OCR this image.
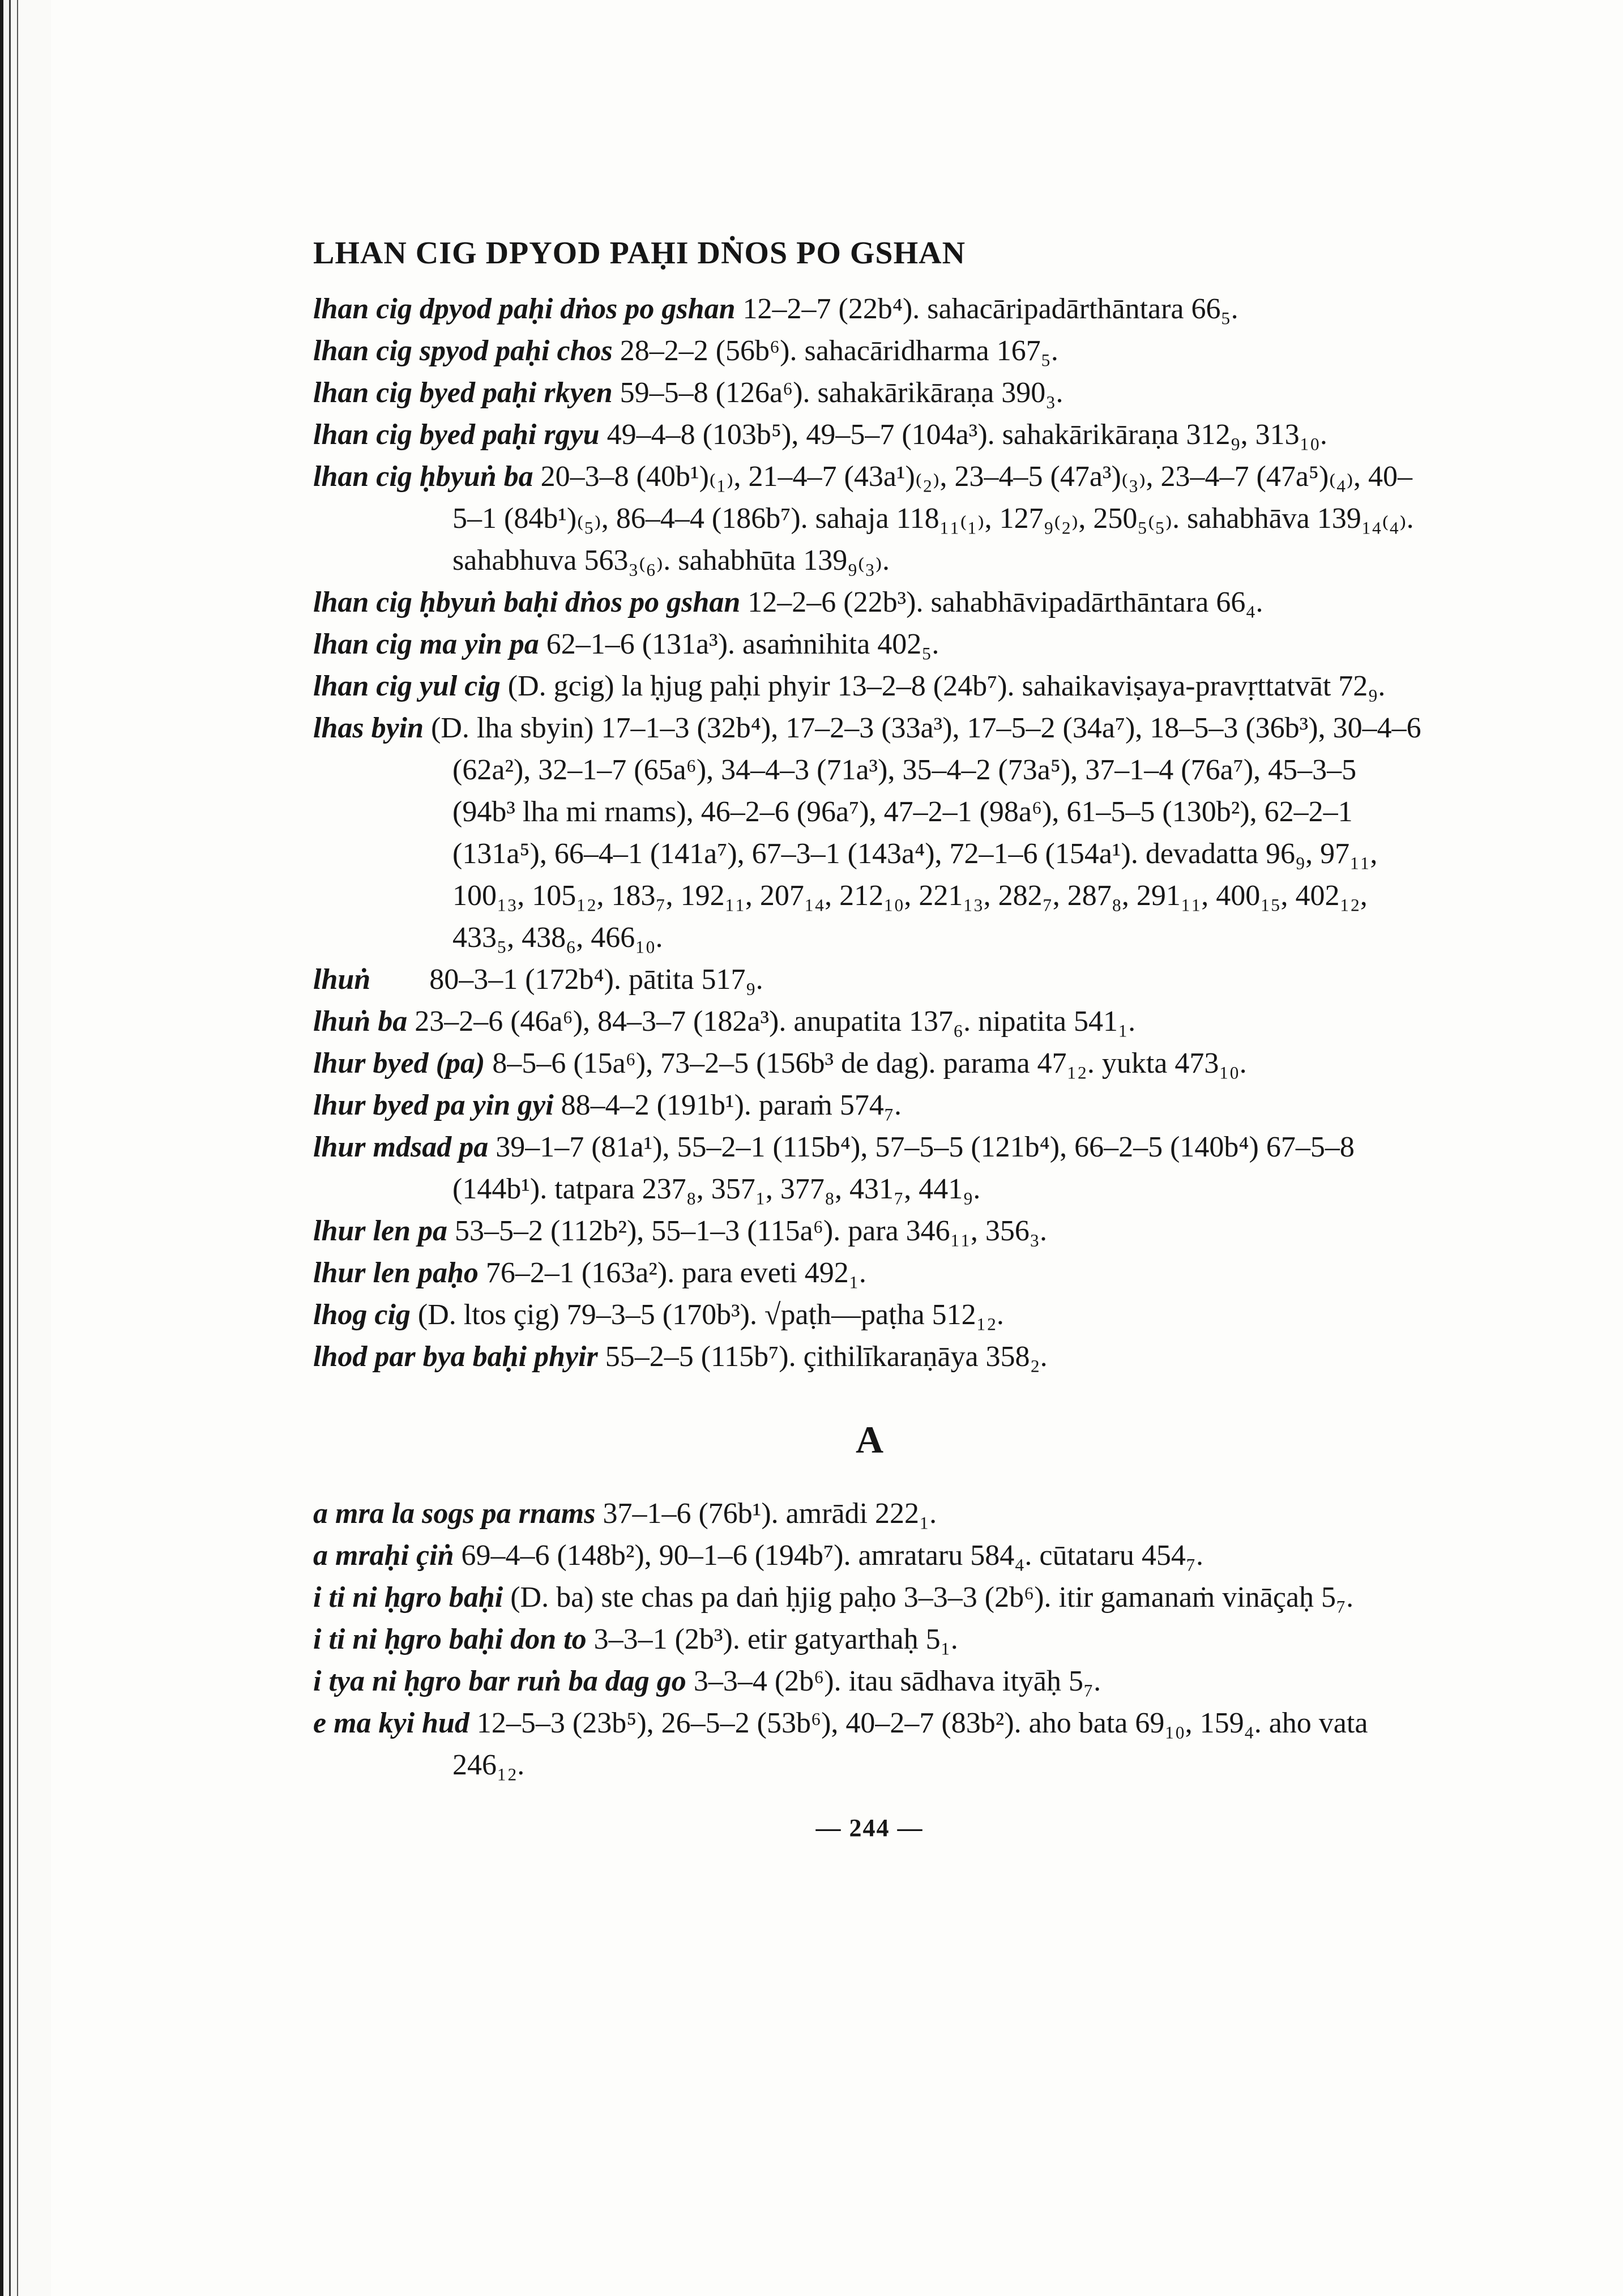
LHAN CIG DPYOD PAḤI DṄOS PO GSHAN

lhan cig dpyod paḥi dṅos po gshan 12–2–7 (22b⁴). sahacāripadārthāntara 66₅.

lhan cig spyod paḥi chos 28–2–2 (56b⁶). sahacāridharma 167₅.

lhan cig byed paḥi rkyen 59–5–8 (126a⁶). sahakārikāraṇa 390₃.

lhan cig byed paḥi rgyu 49–4–8 (103b⁵), 49–5–7 (104a³). sahakārikāraṇa 312₉, 313₁₀.

lhan cig ḥbyuṅ ba 20–3–8 (40b¹)₍₁₎, 21–4–7 (43a¹)₍₂₎, 23–4–5 (47a³)₍₃₎, 23–4–7 (47a⁵)₍₄₎, 40–5–1 (84b¹)₍₅₎, 86–4–4 (186b⁷). sahaja 118₁₁₍₁₎, 127₉₍₂₎, 250₅₍₅₎. sahabhāva 139₁₄₍₄₎. sahabhuva 563₃₍₆₎. sahabhūta 139₉₍₃₎.

lhan cig ḥbyuṅ baḥi dṅos po gshan 12–2–6 (22b³). sahabhāvipadārthāntara 66₄.

lhan cig ma yin pa 62–1–6 (131a³). asaṁnihita 402₅.

lhan cig yul cig (D. gcig) la ḥjug paḥi phyir 13–2–8 (24b⁷). sahaikaviṣaya-pravṛttatvāt 72₉.

lhas byin (D. lha sbyin) 17–1–3 (32b⁴), 17–2–3 (33a³), 17–5–2 (34a⁷), 18–5–3 (36b³), 30–4–6 (62a²), 32–1–7 (65a⁶), 34–4–3 (71a³), 35–4–2 (73a⁵), 37–1–4 (76a⁷), 45–3–5 (94b³ lha mi rnams), 46–2–6 (96a⁷), 47–2–1 (98a⁶), 61–5–5 (130b²), 62–2–1 (131a⁵), 66–4–1 (141a⁷), 67–3–1 (143a⁴), 72–1–6 (154a¹). devadatta 96₉, 97₁₁, 100₁₃, 105₁₂, 183₇, 192₁₁, 207₁₄, 212₁₀, 221₁₃, 282₇, 287₈, 291₁₁, 400₁₅, 402₁₂, 433₅, 438₆, 466₁₀.

lhuṅ        80–3–1 (172b⁴). pātita 517₉.

lhuṅ ba 23–2–6 (46a⁶), 84–3–7 (182a³). anupatita 137₆. nipatita 541₁.

lhur byed (pa) 8–5–6 (15a⁶), 73–2–5 (156b³ de dag). parama 47₁₂. yukta 473₁₀.

lhur byed pa yin gyi 88–4–2 (191b¹). paraṁ 574₇.

lhur mdsad pa 39–1–7 (81a¹), 55–2–1 (115b⁴), 57–5–5 (121b⁴), 66–2–5 (140b⁴) 67–5–8 (144b¹). tatpara 237₈, 357₁, 377₈, 431₇, 441₉.

lhur len pa 53–5–2 (112b²), 55–1–3 (115a⁶). para 346₁₁, 356₃.

lhur len paḥo 76–2–1 (163a²). para eveti 492₁.

lhog cig (D. ltos çig) 79–3–5 (170b³). √paṭh—paṭha 512₁₂.

lhod par bya baḥi phyir 55–2–5 (115b⁷). çithilīkaraṇāya 358₂.

A

a mra la sogs pa rnams 37–1–6 (76b¹). amrādi 222₁.

a mraḥi çiṅ 69–4–6 (148b²), 90–1–6 (194b⁷). amrataru 584₄. cūtataru 454₇.

i ti ni ḥgro baḥi (D. ba) ste chas pa daṅ ḥjig paḥo 3–3–3 (2b⁶). itir gamanaṁ vināçaḥ 5₇.

i ti ni ḥgro baḥi don to 3–3–1 (2b³). etir gatyarthaḥ 5₁.

i tya ni ḥgro bar ruṅ ba dag go 3–3–4 (2b⁶). itau sādhava ityāḥ 5₇.

e ma kyi hud 12–5–3 (23b⁵), 26–5–2 (53b⁶), 40–2–7 (83b²). aho bata 69₁₀, 159₄. aho vata 246₁₂.

— 244 —
